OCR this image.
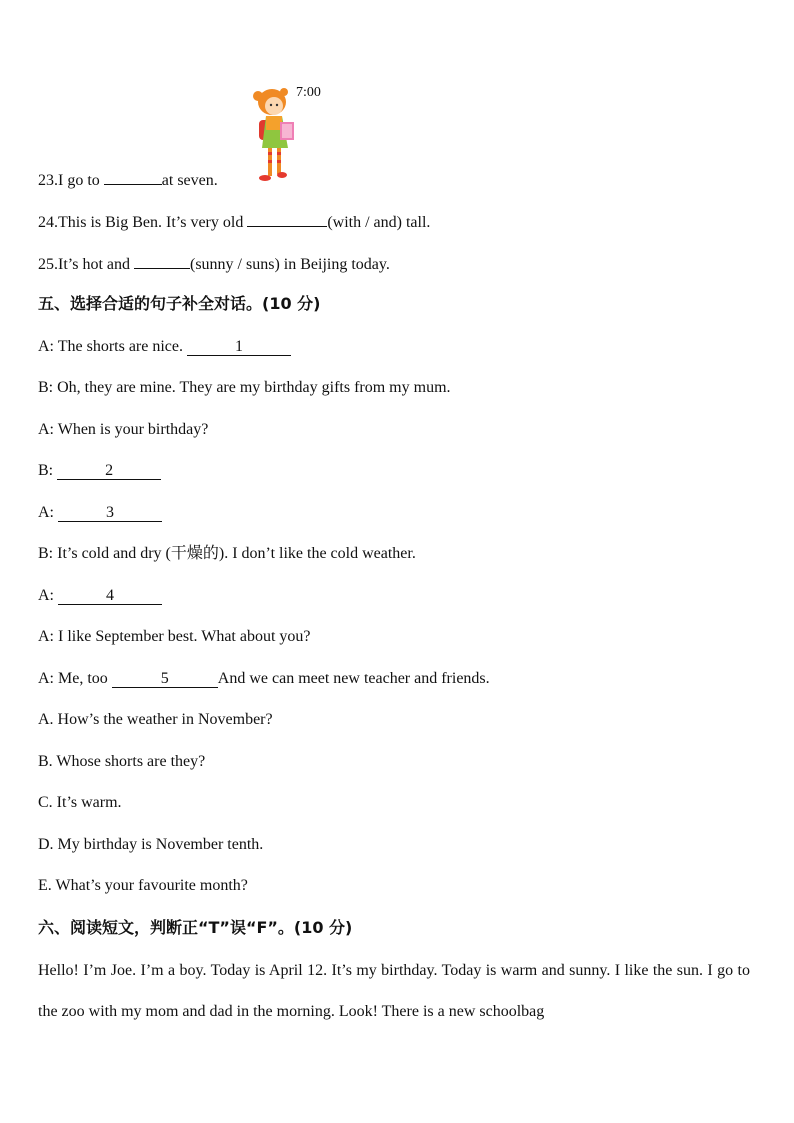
7:00
23.I go to	at seven.
24.This is Big Ben. It’s very old	(with / and) tall.
25.It’s hot and	(sunny / suns) in Beijing today.
五、选择合适的句子补全对话。(10 分)
A: The shorts are nice.	1
B: Oh, they are mine. They are my birthday gifts from my mum.
A: When is your birthday?
B:	2
A:	3
B: It’s cold and dry (干燥的). I don’t like the cold weather.
A:	4
A: I like September best. What about you?
A: Me, too	5	And we can meet new teacher and friends.
A. How’s the weather in November?
B. Whose shorts are they?
C. It’s warm.
D. My birthday is November tenth.
E. What’s your favourite month?
六、阅读短文，判断正“T”误“F”。(10 分)
Hello! I’m Joe. I’m a boy. Today is April 12. It’s my birthday. Today is warm and sunny. I like the sun. I go to the zoo with my mom and dad in the morning. Look! There is a new schoolbag
